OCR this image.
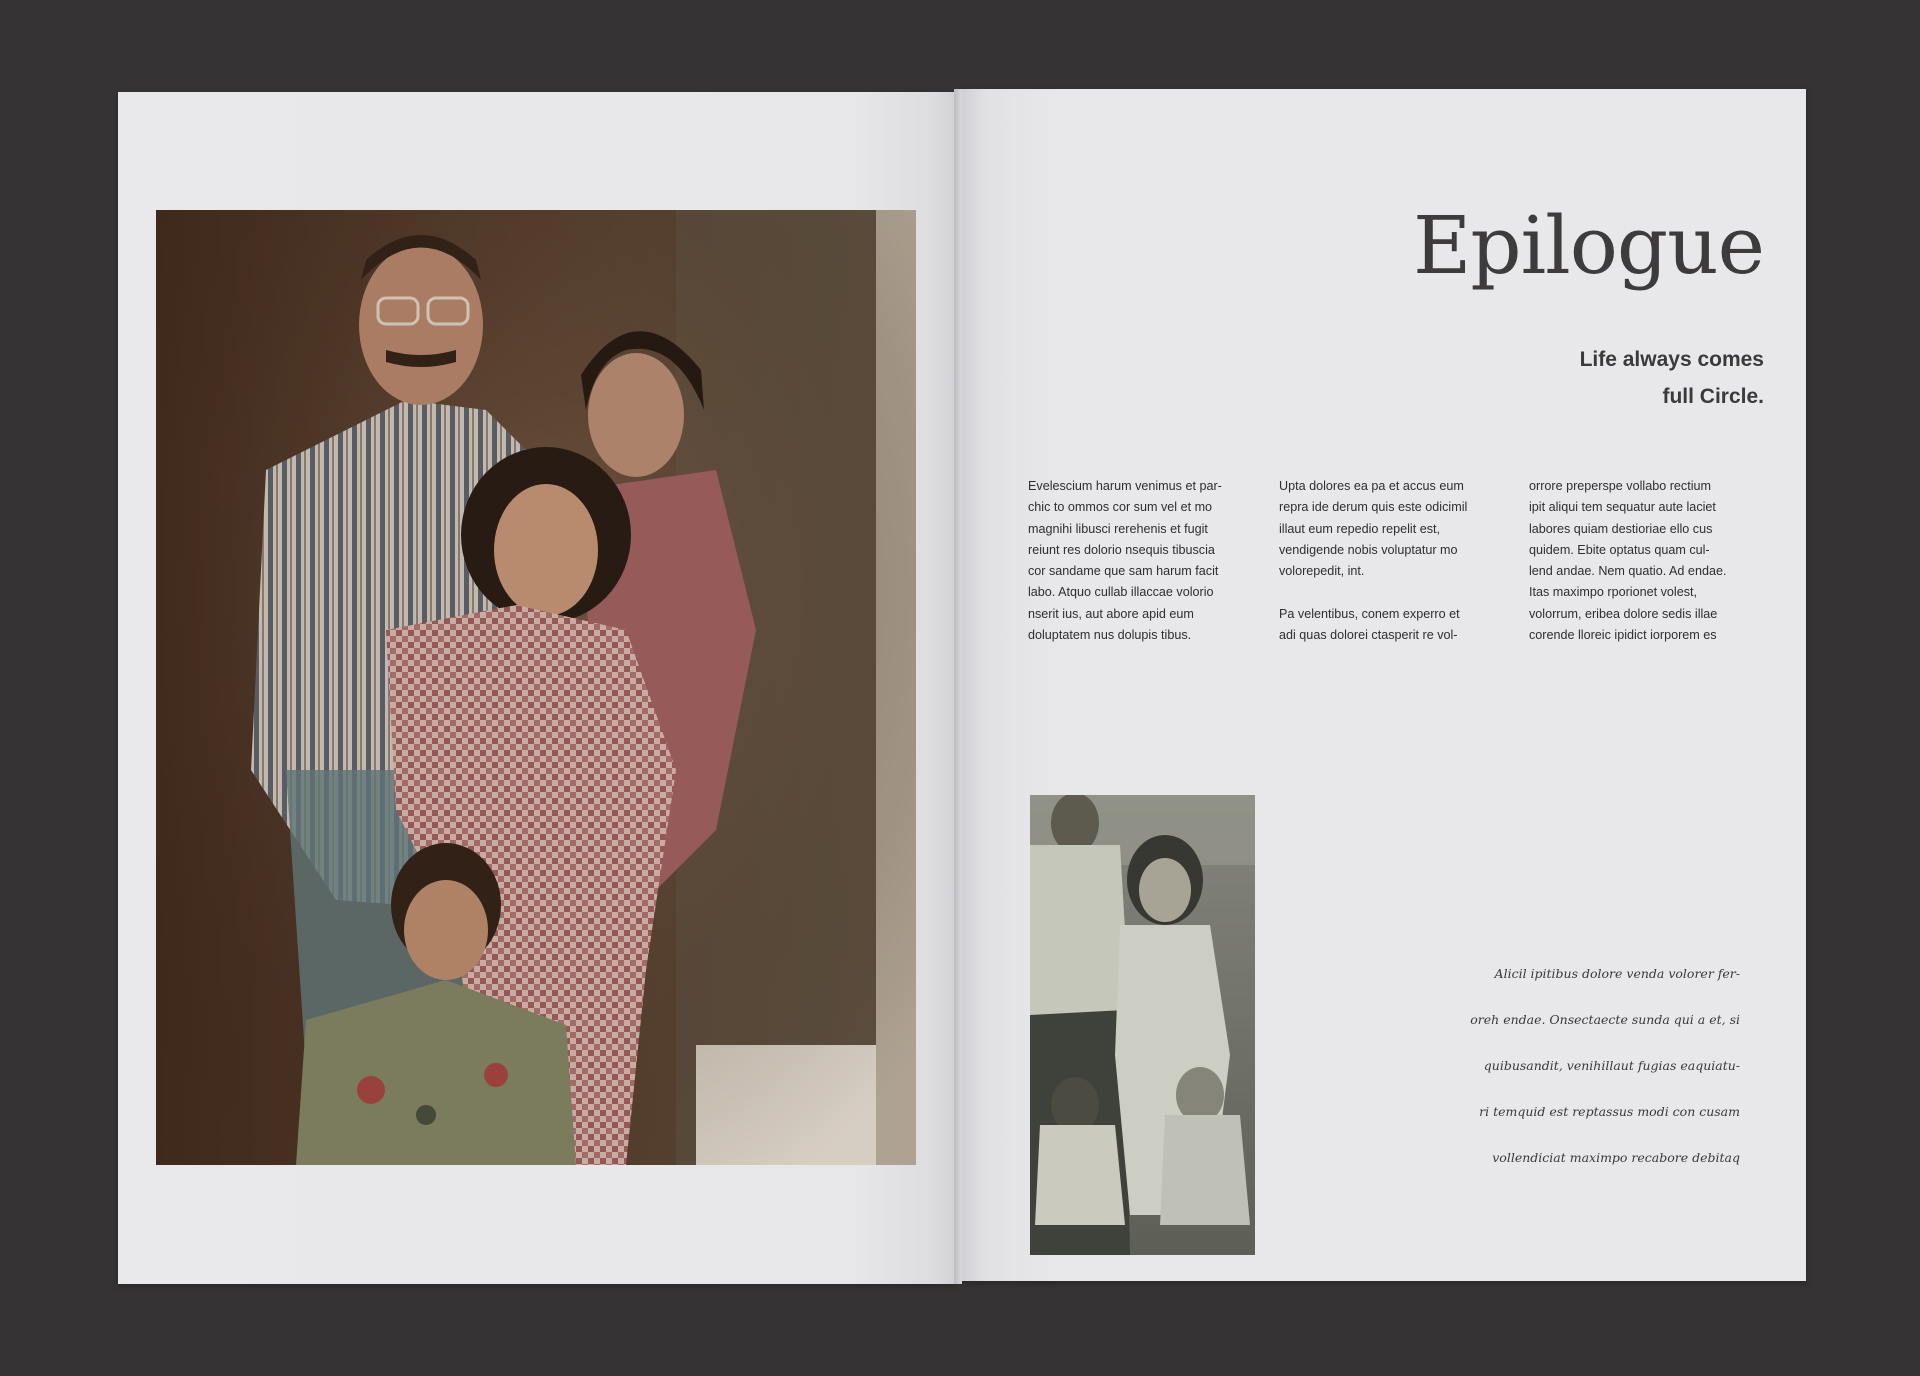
Epilogue
Life always comes
full Circle.
Evelescium harum venimus et par-
chic to ommos cor sum vel et mo
magnihi libusci rerehenis et fugit
reiunt res dolorio nsequis tibuscia
cor sandame que sam harum facit
labo. Atquo cullab illaccae volorio
nserit ius, aut abore apid eum
doluptatem nus dolupis tibus.
Upta dolores ea pa et accus eum
repra ide derum quis este odicimil
illaut eum repedio repelit est,
vendigende nobis voluptatur mo
volorepedit, int.
Pa velentibus, conem experro et
adi quas dolorei ctasperit re vol-
orrore preperspe vollabo rectium
ipit aliqui tem sequatur aute laciet
labores quiam destioriae ello cus
quidem. Ebite optatus quam cul-
lend andae. Nem quatio. Ad endae.
Itas maximpo rporionet volest,
volorrum, eribea dolore sedis illae
corende lloreic ipidict iorporem es
Alicil ipitibus dolore venda volorer fer-
oreh endae. Onsectaecte sunda qui a et, si
quibusandit, venihillaut fugias eaquiatu-
ri temquid est reptassus modi con cusam
vollendiciat maximpo recabore debitaq
